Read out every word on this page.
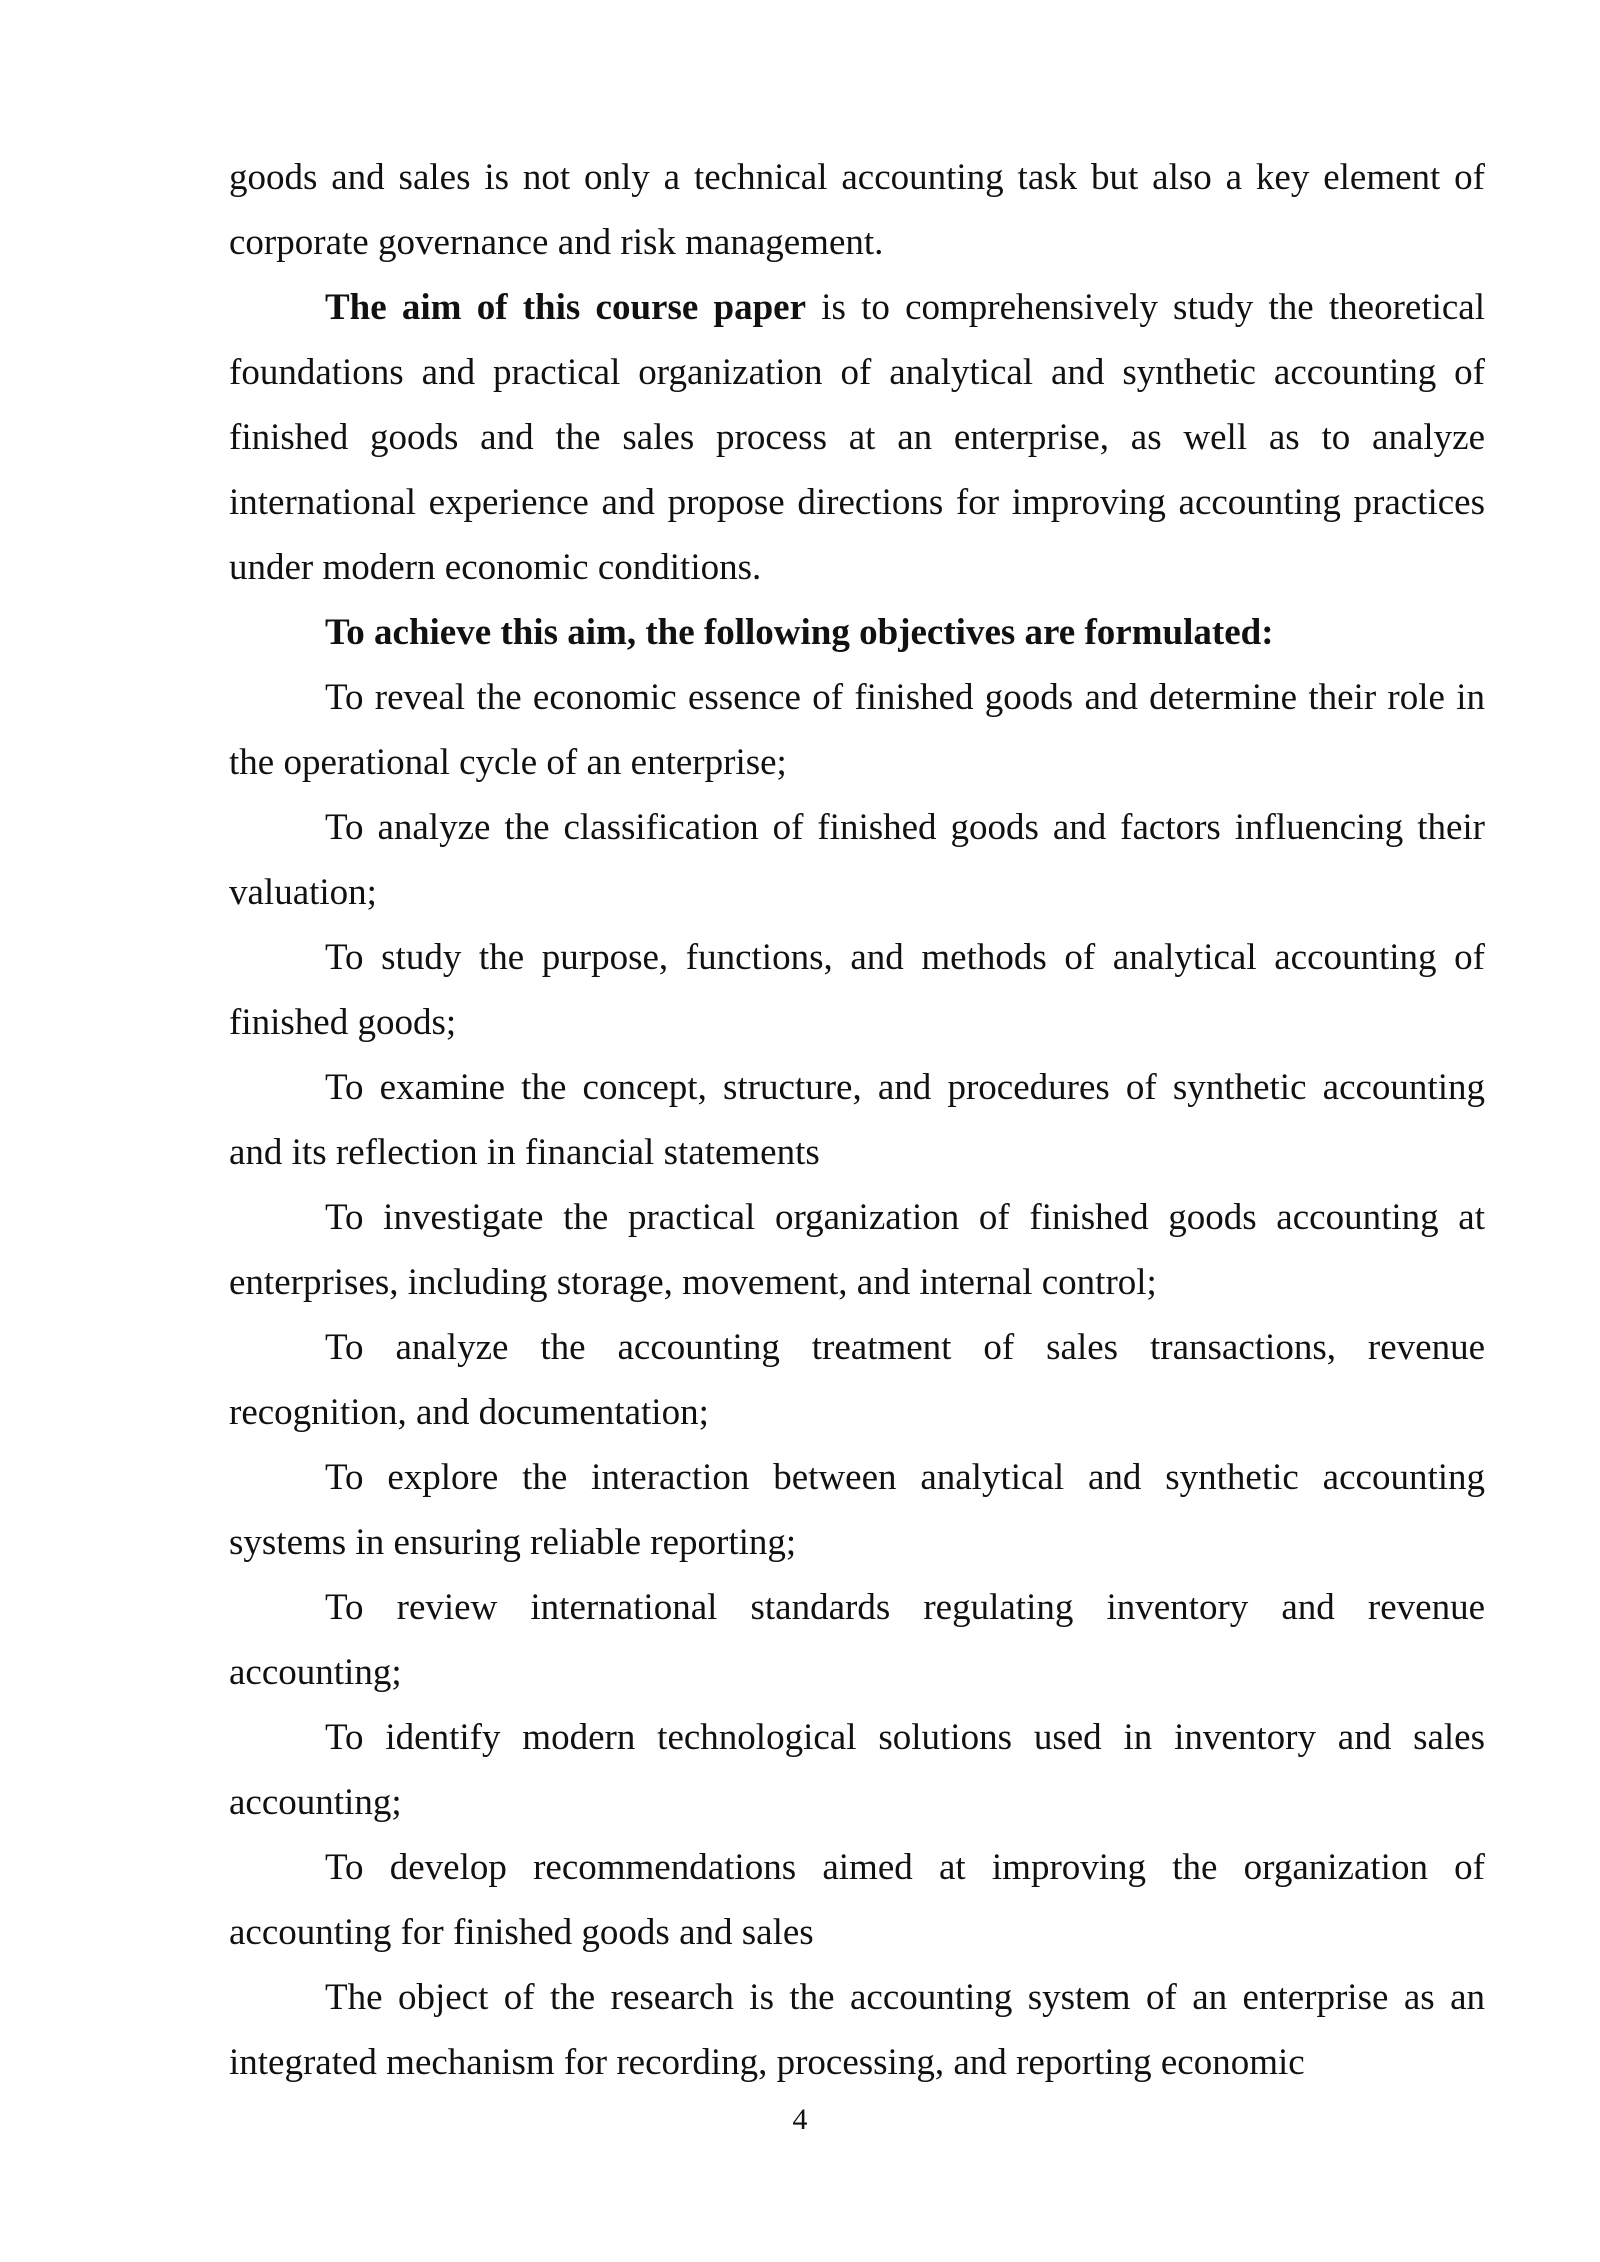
goods and sales is not only a technical accounting task but also a key element of corporate governance and risk management.

The aim of this course paper is to comprehensively study the theoretical foundations and practical organization of analytical and synthetic accounting of finished goods and the sales process at an enterprise, as well as to analyze international experience and propose directions for improving accounting practices under modern economic conditions.

To achieve this aim, the following objectives are formulated:

To reveal the economic essence of finished goods and determine their role in the operational cycle of an enterprise;

To analyze the classification of finished goods and factors influencing their valuation;

To study the purpose, functions, and methods of analytical accounting of finished goods;

To examine the concept, structure, and procedures of synthetic accounting and its reflection in financial statements

To investigate the practical organization of finished goods accounting at enterprises, including storage, movement, and internal control;

To analyze the accounting treatment of sales transactions, revenue recognition, and documentation;

To explore the interaction between analytical and synthetic accounting systems in ensuring reliable reporting;

To review international standards regulating inventory and revenue accounting;

To identify modern technological solutions used in inventory and sales accounting;

To develop recommendations aimed at improving the organization of accounting for finished goods and sales

The object of the research is the accounting system of an enterprise as an integrated mechanism for recording, processing, and reporting economic

4
